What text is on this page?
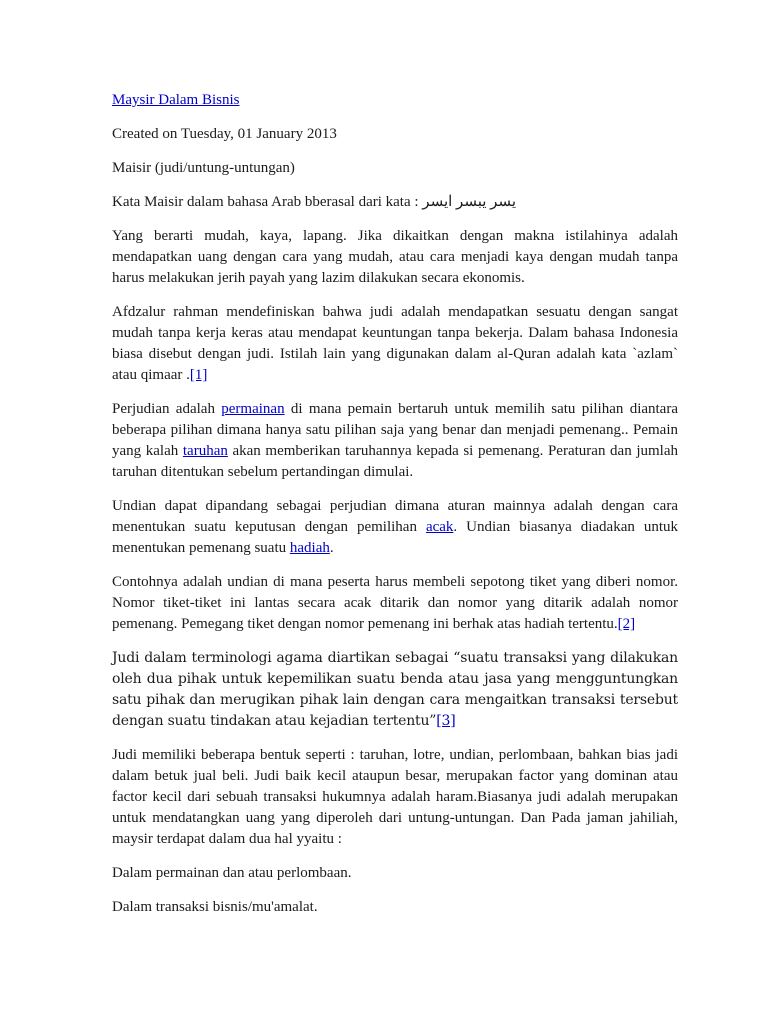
Maysir Dalam Bisnis

Created on Tuesday, 01 January 2013

Maisir (judi/untung-untungan)

Kata Maisir dalam bahasa Arab bberasal dari kata : يسر يبسر ايسر

Yang berarti mudah, kaya, lapang. Jika dikaitkan dengan makna istilahinya adalah mendapatkan uang dengan cara yang mudah, atau cara menjadi kaya dengan mudah tanpa harus melakukan jerih payah yang lazim dilakukan secara ekonomis.

Afdzalur rahman mendefiniskan bahwa judi adalah mendapatkan sesuatu dengan sangat mudah tanpa kerja keras atau mendapat keuntungan tanpa bekerja. Dalam bahasa Indonesia biasa disebut dengan judi. Istilah lain yang digunakan dalam al-Quran adalah kata `azlam` atau qimaar .[1]

Perjudian adalah permainan di mana pemain bertaruh untuk memilih satu pilihan diantara beberapa pilihan dimana hanya satu pilihan saja yang benar dan menjadi pemenang.. Pemain yang kalah taruhan akan memberikan taruhannya kepada si pemenang. Peraturan dan jumlah taruhan ditentukan sebelum pertandingan dimulai.

Undian dapat dipandang sebagai perjudian dimana aturan mainnya adalah dengan cara menentukan suatu keputusan dengan pemilihan acak. Undian biasanya diadakan untuk menentukan pemenang suatu hadiah.

Contohnya adalah undian di mana peserta harus membeli sepotong tiket yang diberi nomor. Nomor tiket-tiket ini lantas secara acak ditarik dan nomor yang ditarik adalah nomor pemenang. Pemegang tiket dengan nomor pemenang ini berhak atas hadiah tertentu.[2]

Judi dalam terminologi agama diartikan sebagai “suatu transaksi yang dilakukan oleh dua pihak untuk kepemilikan suatu benda atau jasa yang mengguntungkan satu pihak dan merugikan pihak lain dengan cara mengaitkan transaksi tersebut dengan suatu tindakan atau kejadian tertentu”[3]

Judi memiliki beberapa bentuk seperti : taruhan, lotre, undian, perlombaan, bahkan bias jadi dalam betuk jual beli. Judi baik kecil ataupun besar, merupakan factor yang dominan atau factor kecil dari sebuah transaksi hukumnya adalah haram.Biasanya judi adalah merupakan untuk mendatangkan uang yang diperoleh dari untung-untungan. Dan Pada jaman jahiliah, maysir terdapat dalam dua hal yyaitu :

Dalam permainan dan atau perlombaan.

Dalam transaksi bisnis/mu'amalat.
